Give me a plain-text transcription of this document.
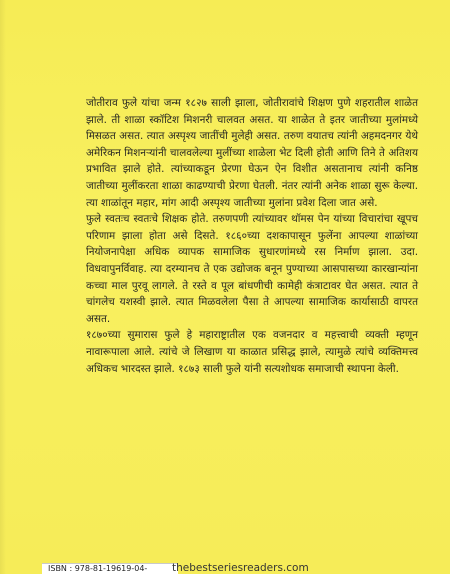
जोतीराव फुले यांचा जन्म १८२७ साली झाला, जोतीरावांचे शिक्षण पुणे शहरातील शाळेत झाले. ती शाळा स्कॉटिश मिशनरी चालवत असत. या शाळेत ते इतर जातीच्या मुलांमध्ये मिसळत असत. त्यात अस्पृश्य जातींची मुलेही असत. तरुण वयातच त्यांनी अहमदनगर येथे अमेरिकन मिशनऱ्यांनी चालवलेल्या मुलींच्या शाळेला भेट दिली होती आणि तिने ते अतिशय प्रभावित झाले होते. त्यांच्याकडून प्रेरणा घेऊन ऐन विशीत असतानाच त्यांनी कनिष्ठ जातीच्या मुलींकरता शाळा काढण्याची प्रेरणा घेतली. नंतर त्यांनी अनेक शाळा सुरू केल्या. त्या शाळांतून महार, मांग आदी अस्पृश्य जातीच्या मुलांना प्रवेश दिला जात असे.

फुले स्वतःच स्वतःचे शिक्षक होते. तरुणपणी त्यांच्यावर थॉमस पेन यांच्या विचारांचा खूपच परिणाम झाला होता असे दिसते. १८६०च्या दशकापासून फुलेंना आपल्या शाळांच्या नियोजनापेक्षा अधिक व्यापक सामाजिक सुधारणांमध्ये रस निर्माण झाला. उदा. विधवापुनर्विवाह. त्या दरम्यानच ते एक उद्योजक बनून पुण्याच्या आसपासच्या कारखान्यांना कच्चा माल पुरवू लागले. ते रस्ते व पूल बांधणीची कामेही कंत्राटावर घेत असत. त्यात ते चांगलेच यशस्वी झाले. त्यात मिळवलेला पैसा ते आपल्या सामाजिक कार्यासाठी वापरत असत.

१८७०च्या सुमारास फुले हे महाराष्ट्रातील एक वजनदार व महत्त्वाची व्यक्ती म्हणून नावारूपाला आले. त्यांचे जे लिखाण या काळात प्रसिद्ध झाले, त्यामुळे त्यांचे व्यक्तिमत्त्व अधिकच भारदस्त झाले. १८७३ साली फुले यांनी सत्यशोधक समाजाची स्थापना केली.

ISBN : 978-81-19619-04-	thebestseriesreaders.com
